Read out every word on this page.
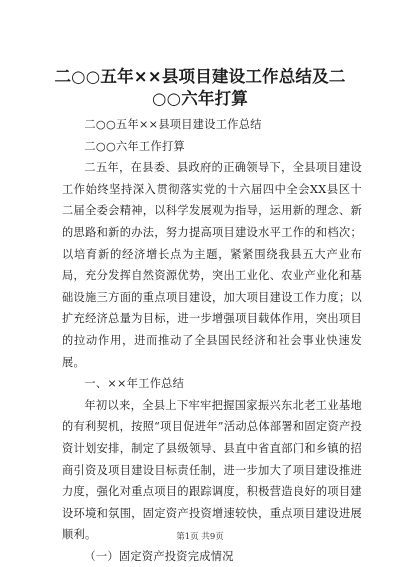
二○○五年××县项目建设工作总结及二○○六年打算

二○○五年××县项目建设工作总结

二○○六年工作打算

二五年，在县委、县政府的正确领导下，全县项目建设工作始终坚持深入贯彻落实党的十六届四中全会XX县区十二届全委会精神，以科学发展观为指导，运用新的理念、新的思路和新的办法，努力提高项目建设水平工作的和档次；以培育新的经济增长点为主题，紧紧围绕我县五大产业布局，充分发挥自然资源优势，突出工业化、农业产业化和基础设施三方面的重点项目建设，加大项目建设工作力度；以扩充经济总量为目标，进一步增强项目载体作用，突出项目的拉动作用，进而推动了全县国民经济和社会事业快速发展。

一、××年工作总结

年初以来，全县上下牢牢把握国家振兴东北老工业基地的有利契机，按照“项目促进年”活动总体部署和固定资产投资计划安排，制定了县级领导、县直中省直部门和乡镇的招商引资及项目建设目标责任制，进一步加大了项目建设推进力度，强化对重点项目的跟踪调度，积极营造良好的项目建设环境和氛围，固定资产投资增速较快，重点项目建设进展顺利。

（一）固定资产投资完成情况

第1页 共9页
